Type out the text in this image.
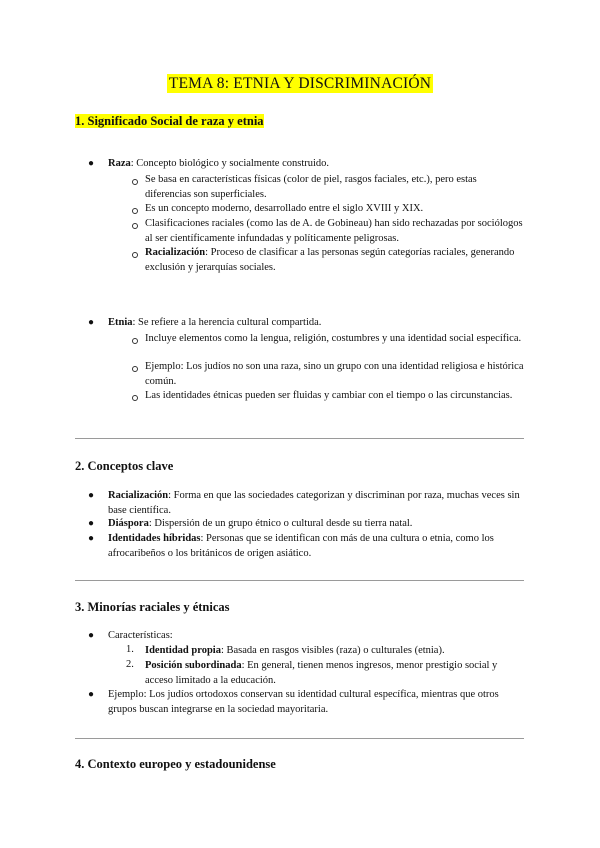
TEMA 8: ETNIA Y DISCRIMINACIÓN
1. Significado Social de raza y etnia
● Raza: Concepto biológico y socialmente construido.
Se basa en características físicas (color de piel, rasgos faciales, etc.), pero estas diferencias son superficiales.
Es un concepto moderno, desarrollado entre el siglo XVIII y XIX.
Clasificaciones raciales (como las de A. de Gobineau) han sido rechazadas por sociólogos al ser científicamente infundadas y políticamente peligrosas.
Racialización: Proceso de clasificar a las personas según categorías raciales, generando exclusión y jerarquías sociales.
● Etnia: Se refiere a la herencia cultural compartida.
Incluye elementos como la lengua, religión, costumbres y una identidad social específica.
Ejemplo: Los judíos no son una raza, sino un grupo con una identidad religiosa e histórica común.
Las identidades étnicas pueden ser fluidas y cambiar con el tiempo o las circunstancias.
2. Conceptos clave
● Racialización: Forma en que las sociedades categorizan y discriminan por raza, muchas veces sin base científica.
● Diáspora: Dispersión de un grupo étnico o cultural desde su tierra natal.
● Identidades híbridas: Personas que se identifican con más de una cultura o etnia, como los afrocaribeños o los británicos de origen asiático.
3. Minorías raciales y étnicas
● Características:
1. Identidad propia: Basada en rasgos visibles (raza) o culturales (etnia).
2. Posición subordinada: En general, tienen menos ingresos, menor prestigio social y acceso limitado a la educación.
● Ejemplo: Los judíos ortodoxos conservan su identidad cultural específica, mientras que otros grupos buscan integrarse en la sociedad mayoritaria.
4. Contexto europeo y estadounidense
